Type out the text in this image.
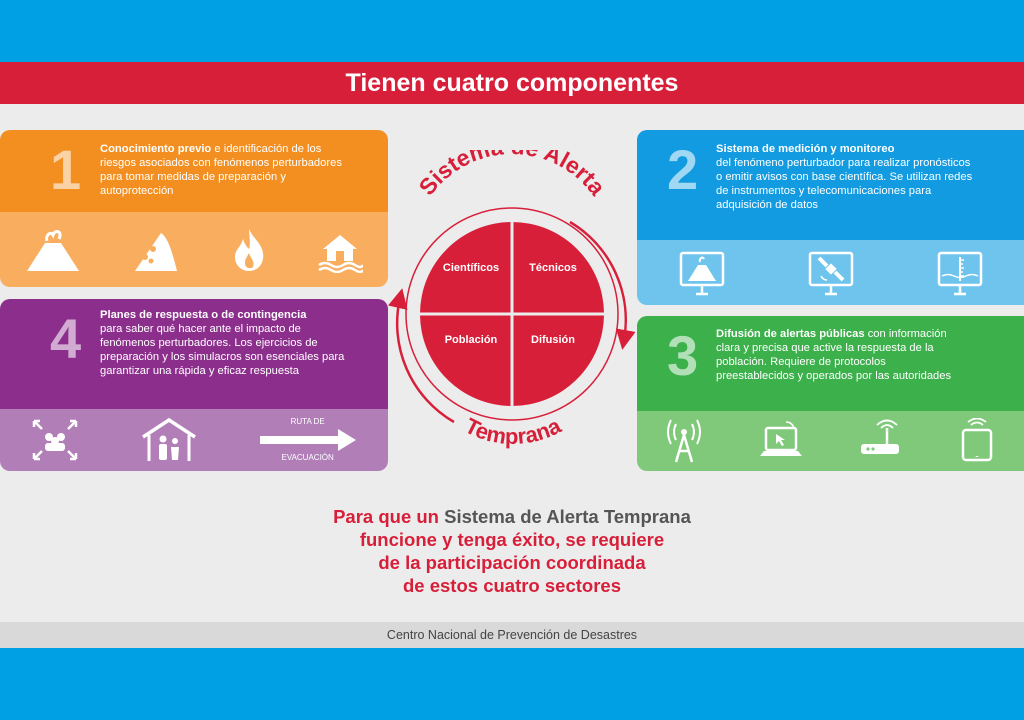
Tienen cuatro componentes
1 Conocimiento previo e identificación de los riesgos asociados con fenómenos perturbadores para tomar medidas de preparación y autoprotección
RUTA DE
EVACUACIÓN
4 Planes de respuesta o de contingencia
para saber qué hacer ante el impacto de fenómenos perturbadores. Los ejercicios de preparación y los simulacros son esenciales para garantizar una rápida y eficaz respuesta
2 Sistema de medición y monitoreo
del fenómeno perturbador para realizar pronósticos o emitir avisos con base científica. Se utilizan redes de instrumentos y telecomunicaciones para adquisición de datos
3 Difusión de alertas públicas con información clara y precisa que active la respuesta de la población. Requiere de protocolos preestablecidos y operados por las autoridades
Sistem Alerta
Temprana
Científicos	Técnicos
Población	Difusión
Para que un Sistema de Alerta Temprana
funcione y tenga éxito, se requiere
de la participación coordinada
de estos cuatro sectores
Centro Nacional de Prevención de Desastres
